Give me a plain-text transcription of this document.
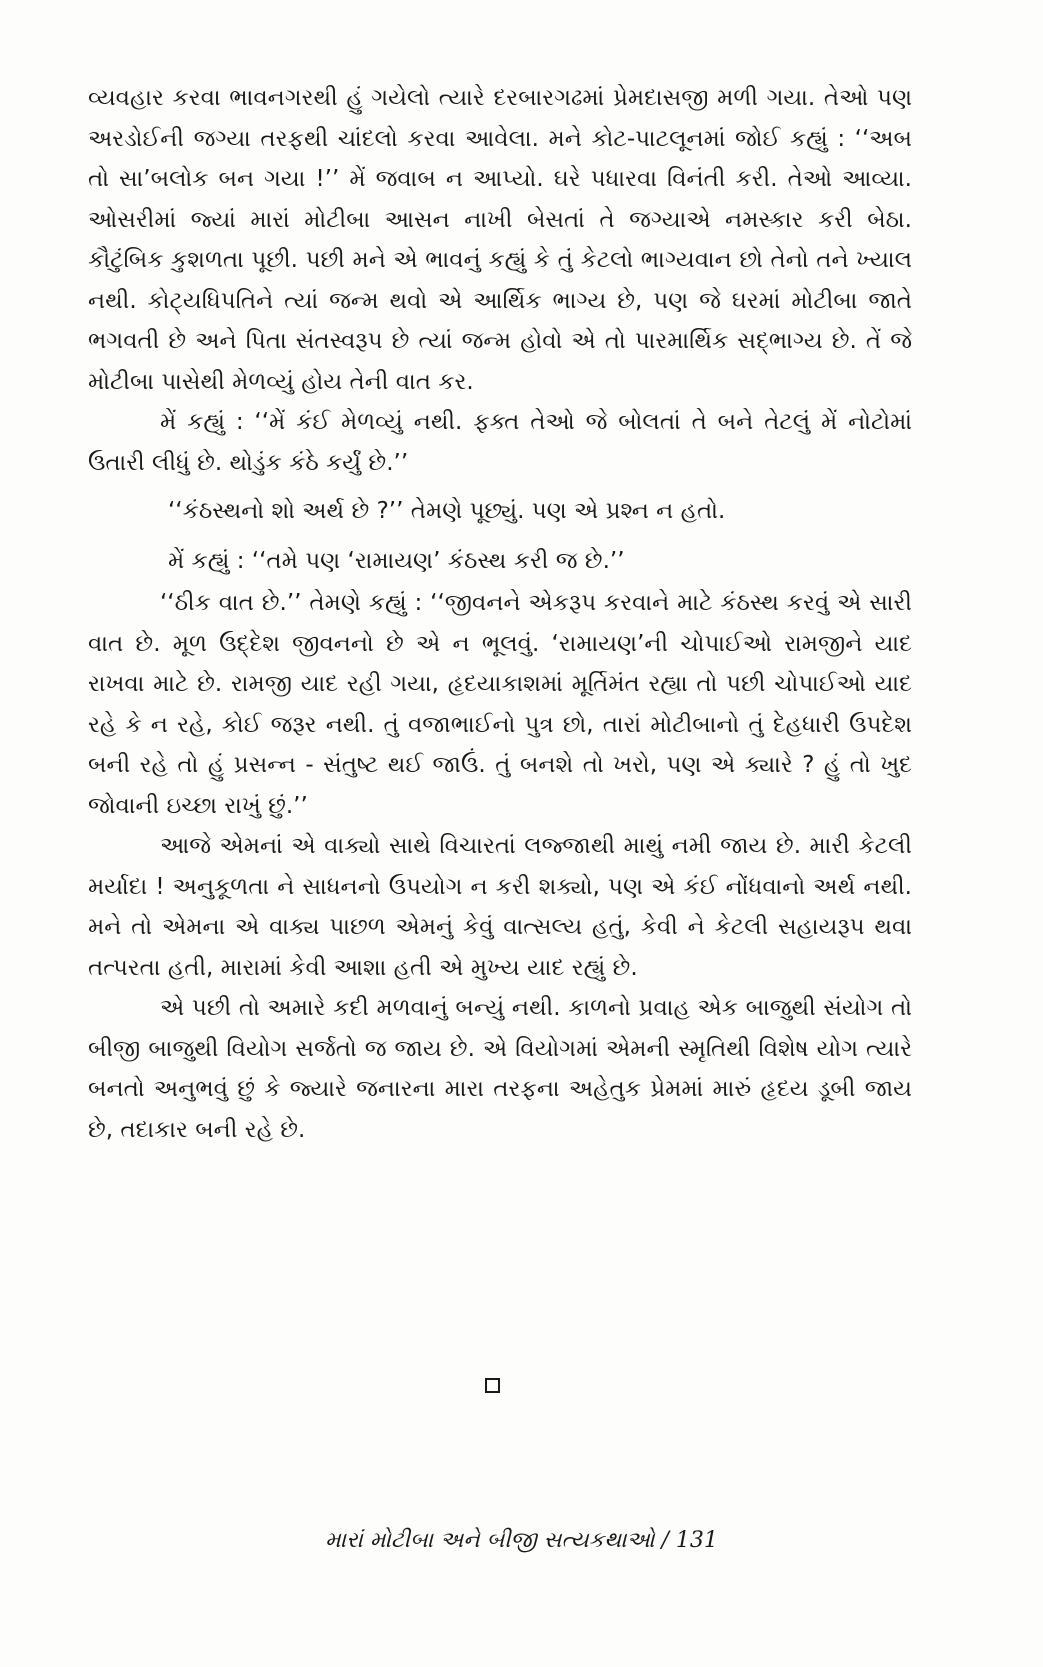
વ્યવહાર કરવા ભાવનગરથી હું ગયેલો ત્યારે દરબારગઢમાં પ્રેમદાસજી મળી ગયા. તેઓ પણ અરડોઈની જગ્યા તરફથી ચાંદલો કરવા આવેલા. મને કોટ-પાટલૂનમાં જોઈ કહ્યું : ‘‘અબ તો સા’બલોક બન ગયા !’’ મેં જવાબ ન આપ્યો. ઘરે પધારવા વિનંતી કરી. તેઓ આવ્યા. ઓસરીમાં જ્યાં મારાં મોટીબા આસન નાખી બેસતાં તે જગ્યાએ નમસ્કાર કરી બેઠા. કૌટુંબિક કુશળતા પૂછી. પછી મને એ ભાવનું કહ્યું કે તું કેટલો ભાગ્યવાન છો તેનો તને ખ્યાલ નથી. કોટ્યધિપતિને ત્યાં જન્મ થવો એ આર્થિક ભાગ્ય છે, પણ જે ઘરમાં મોટીબા જાતે ભગવતી છે અને પિતા સંતસ્વરૂપ છે ત્યાં જન્મ હોવો એ તો પારમાર્થિક સદ્ભાગ્ય છે. તેં જે મોટીબા પાસેથી મેળવ્યું હોય તેની વાત કર.

મેં કહ્યું : ‘‘મેં કંઈ મેળવ્યું નથી. ફક્ત તેઓ જે બોલતાં તે બને તેટલું મેં નોટોમાં ઉતારી લીધું છે. થોડુંક કંઠે કર્યું છે.’’

‘‘કંઠસ્થનો શો અર્થ છે ?’’ તેમણે પૂછ્યું. પણ એ પ્રશ્ન ન હતો.

મેં કહ્યું : ‘‘તમે પણ ‘રામાયણ’ કંઠસ્થ કરી જ છે.’’

‘‘ઠીક વાત છે.’’ તેમણે કહ્યું : ‘‘જીવનને એકરૂપ કરવાને માટે કંઠસ્થ કરવું એ સારી વાત છે. મૂળ ઉદ્દેશ જીવનનો છે એ ન ભૂલવું. ‘રામાયણ’ની ચોપાઈઓ રામજીને યાદ રાખવા માટે છે. રામજી યાદ રહી ગયા, હૃદયાકાશમાં મૂર્તિમંત રહ્યા તો પછી ચોપાઈઓ યાદ રહે કે ન રહે, કોઈ જરૂર નથી. તું વજાભાઈનો પુત્ર છો, તારાં મોટીબાનો તું દેહધારી ઉપદેશ બની રહે તો હું પ્રસન્ન - સંતુષ્ટ થઈ જાઉં. તું બનશે તો ખરો, પણ એ ક્યારે ? હું તો ખુદ જોવાની ઇચ્છા રાખું છું.’’

આજે એમનાં એ વાક્યો સાથે વિચારતાં લજ્જાથી માથું નમી જાય છે. મારી કેટલી મર્યાદા ! અનુકૂળતા ને સાધનનો ઉપયોગ ન કરી શક્યો, પણ એ કંઈ નોંધવાનો અર્થ નથી. મને તો એમના એ વાક્ય પાછળ એમનું કેવું વાત્સલ્ય હતું, કેવી ને કેટલી સહાયરૂપ થવા તત્પરતા હતી, મારામાં કેવી આશા હતી એ મુખ્ય યાદ રહ્યું છે.

એ પછી તો અમારે કદી મળવાનું બન્યું નથી. કાળનો પ્રવાહ એક બાજુથી સંયોગ તો બીજી બાજુથી વિયોગ સર્જતો જ જાય છે. એ વિયોગમાં એમની સ્મૃતિથી વિશેષ યોગ ત્યારે બનતો અનુભવું છું કે જ્યારે જનારના મારા તરફના અહેતુક પ્રેમમાં મારું હૃદય ડૂબી જાય છે, તદાકાર બની રહે છે.

મારાં મોટીબા અને બીજી સત્યકથાઓ / 131
